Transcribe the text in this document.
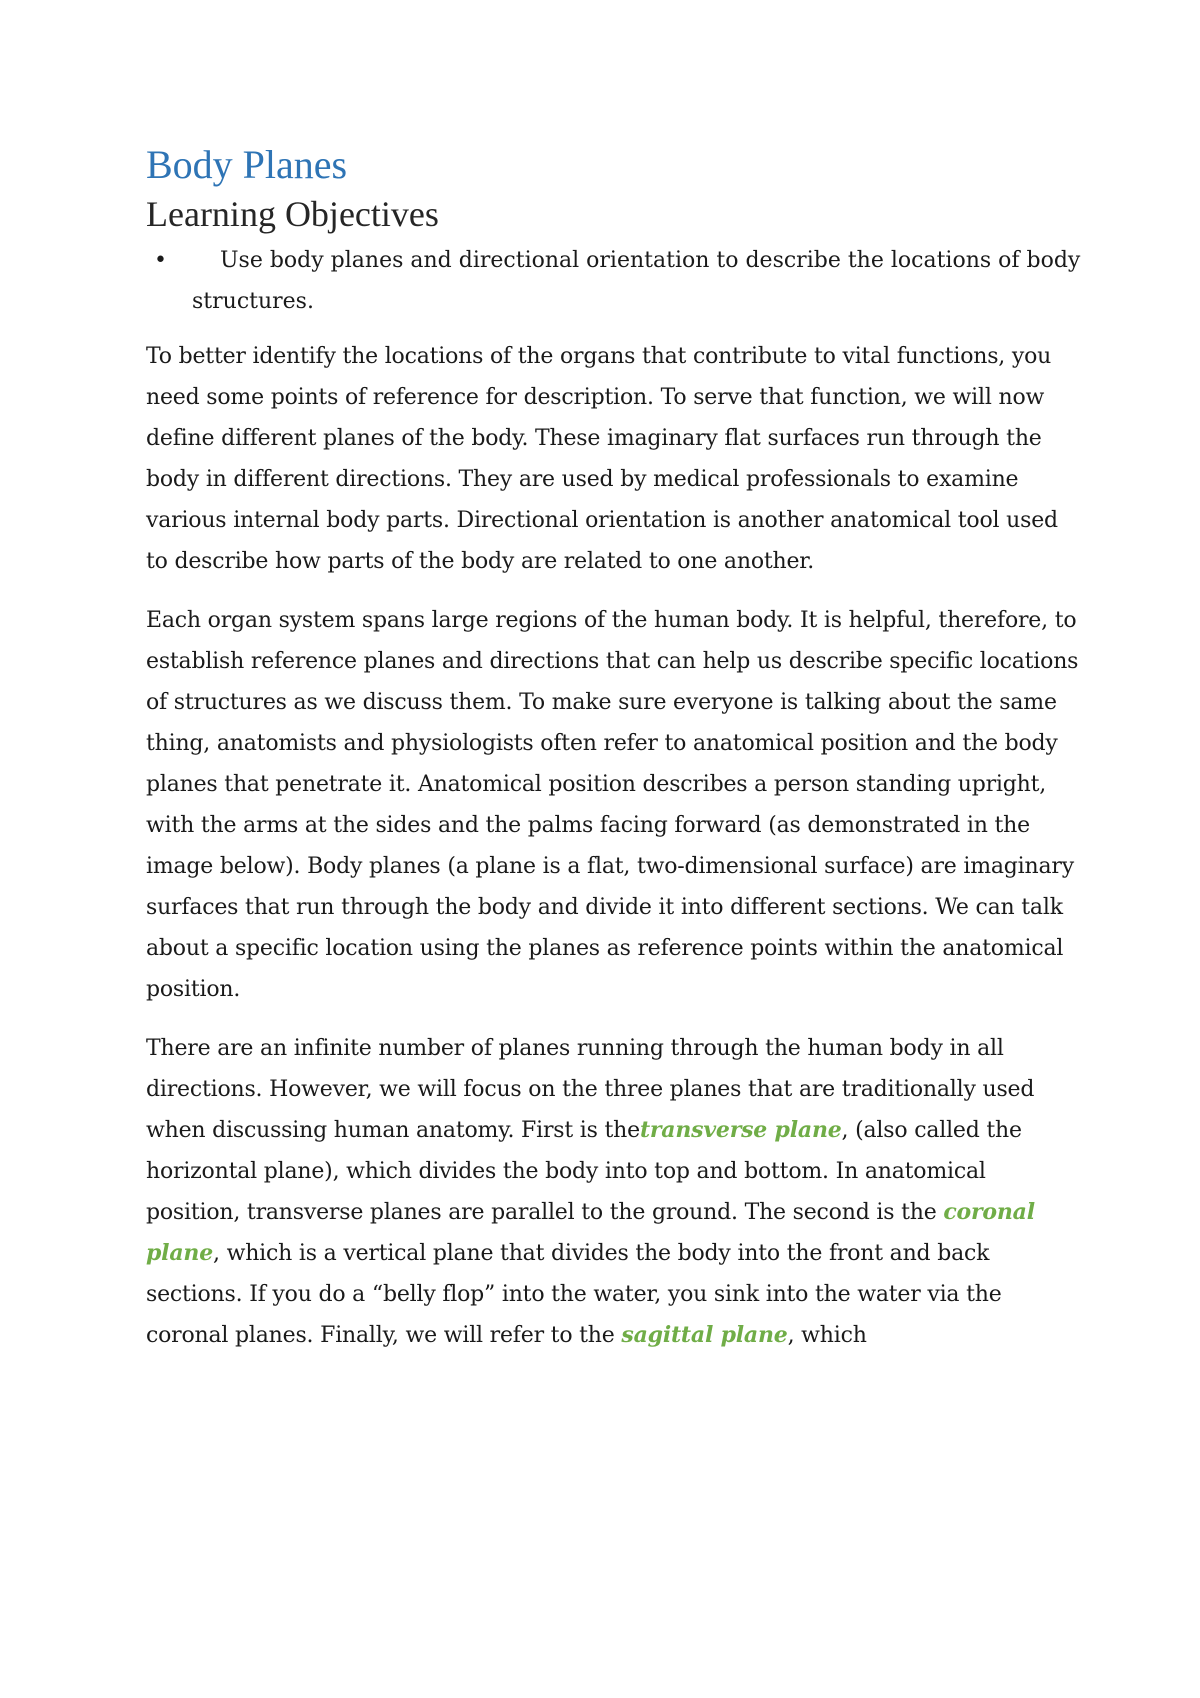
Body Planes
Learning Objectives
• Use body planes and directional orientation to describe the locations of body structures.

To better identify the locations of the organs that contribute to vital functions, you need some points of reference for description. To serve that function, we will now define different planes of the body. These imaginary flat surfaces run through the body in different directions. They are used by medical professionals to examine various internal body parts. Directional orientation is another anatomical tool used to describe how parts of the body are related to one another.

Each organ system spans large regions of the human body. It is helpful, therefore, to establish reference planes and directions that can help us describe specific locations of structures as we discuss them. To make sure everyone is talking about the same thing, anatomists and physiologists often refer to anatomical position and the body planes that penetrate it. Anatomical position describes a person standing upright, with the arms at the sides and the palms facing forward (as demonstrated in the image below). Body planes (a plane is a flat, two-dimensional surface) are imaginary surfaces that run through the body and divide it into different sections. We can talk about a specific location using the planes as reference points within the anatomical position.

There are an infinite number of planes running through the human body in all directions. However, we will focus on the three planes that are traditionally used when discussing human anatomy. First is thetransverse plane, (also called the horizontal plane), which divides the body into top and bottom. In anatomical position, transverse planes are parallel to the ground. The second is the coronal plane, which is a vertical plane that divides the body into the front and back sections. If you do a “belly flop” into the water, you sink into the water via the coronal planes. Finally, we will refer to the sagittal plane, which
